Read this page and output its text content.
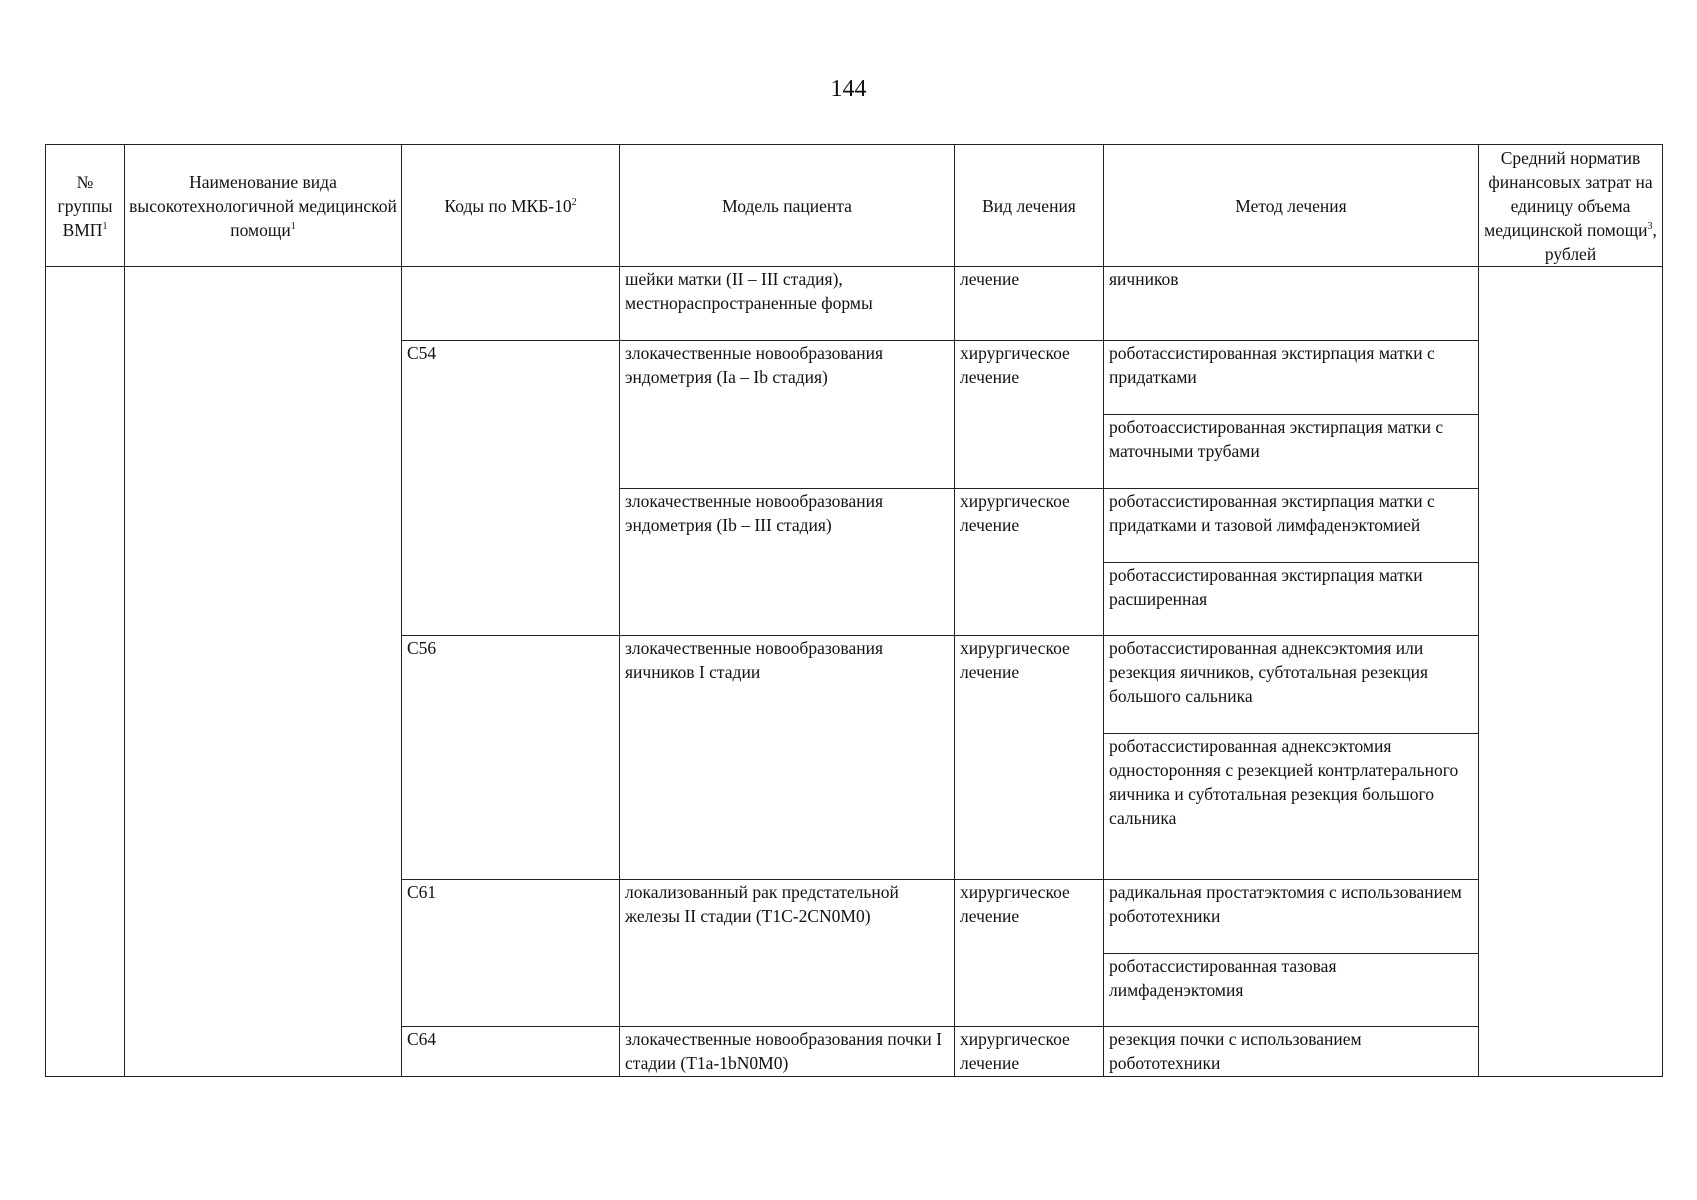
144
№ группы ВМП$^1$	Наименование вида высокотехнологичной медицинской помощи$^1$	Коды по МКБ-$10^2$	Модель пациента	Вид лечения	Метод лечения	Средний норматив финансовых затрат на единицу объема медицинской помощи$^3$, рублей
			шейки матки (II – III стадия), местнораспространенные формы	лечение	яичников	
		C54	злокачественные новообразования эндометрия (Ia – Ib стадия)	хирургическое лечение	роботассистированная экстирпация матки с придатками	
					роботоассистированная экстирпация матки с маточными трубами	
			злокачественные новообразования эндометрия (Ib – III стадия)	хирургическое лечение	роботассистированная экстирпация матки с придатками и тазовой лимфаденэктомией	
					роботассистированная экстирпация матки расширенная	
		C56	злокачественные новообразования яичников I стадии	хирургическое лечение	роботассистированная аднексэктомия или резекция яичников, субтотальная резекция большого сальника	
					роботассистированная аднексэктомия односторонняя с резекцией контрлатерального яичника и субтотальная резекция большого сальника	
		C61	локализованный рак предстательной железы II стадии (T1C-2CN0M0)	хирургическое лечение	радикальная простатэктомия с использованием робототехники	
					роботассистированная тазовая лимфаденэктомия	
		C64	злокачественные новообразования почки I стадии (T1a-1bN0M0)	хирургическое лечение	резекция почки с использованием робототехники	
